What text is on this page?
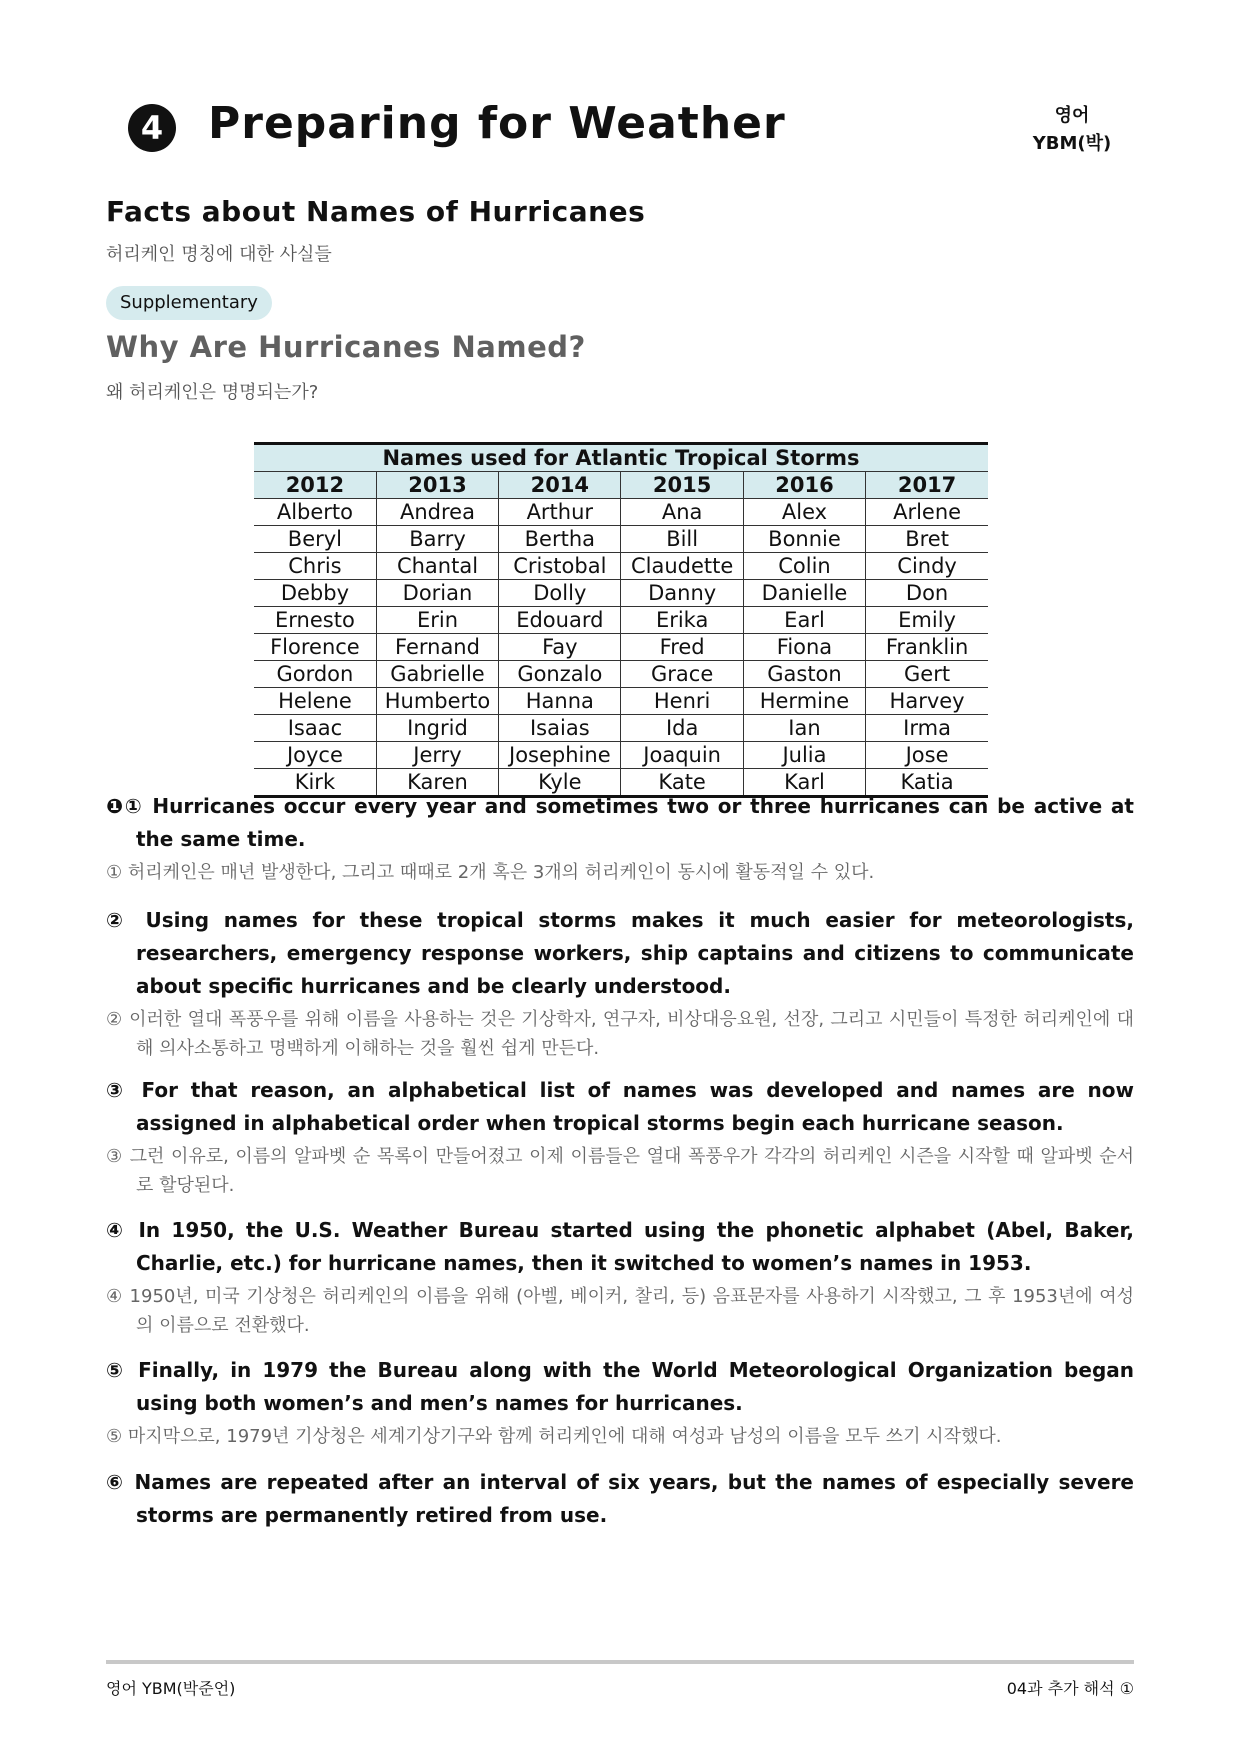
4 Preparing for Weather	영어
YBM(박)
Facts about Names of Hurricanes
허리케인 명칭에 대한 사실들
Supplementary
Why Are Hurricanes Named?
왜 허리케인은 명명되는가?
Names used for Atlantic Tropical Storms					
2012	2013	2014	2015	2016	2017
Alberto	Andrea	Arthur	Ana	Alex	Arlene
Beryl	Barry	Bertha	Bill	Bonnie	Bret
Chris	Chantal	Cristobal	Claudette	Colin	Cindy
Debby	Dorian	Dolly	Danny	Danielle	Don
Ernesto	Erin	Edouard	Erika	Earl	Emily
Florence	Fernand	Fay	Fred	Fiona	Franklin
Gordon	Gabrielle	Gonzalo	Grace	Gaston	Gert
Helene	Humberto	Hanna	Henri	Hermine	Harvey
Isaac	Ingrid	Isaias	Ida	Ian	Irma
Joyce	Jerry	Josephine	Joaquin	Julia	Jose
Kirk	Karen	Kyle	Kate	Karl	Katia
❶① Hurricanes occur every year and sometimes two or three hurricanes can be active at the same time.
① 허리케인은 매년 발생한다, 그리고 때때로 2개 혹은 3개의 허리케인이 동시에 활동적일 수 있다.
② Using names for these tropical storms makes it much easier for meteorologists, researchers, emergency response workers, ship captains and citizens to communicate about specific hurricanes and be clearly understood.
② 이러한 열대 폭풍우를 위해 이름을 사용하는 것은 기상학자, 연구자, 비상대응요원, 선장, 그리고 시민들이 특정한 허리케인에 대해 의사소통하고 명백하게 이해하는 것을 훨씬 쉽게 만든다.
③ For that reason, an alphabetical list of names was developed and names are now assigned in alphabetical order when tropical storms begin each hurricane season.
③ 그런 이유로, 이름의 알파벳 순 목록이 만들어졌고 이제 이름들은 열대 폭풍우가 각각의 허리케인 시즌을 시작할 때 알파벳 순서로 할당된다.
④ In 1950, the U.S. Weather Bureau started using the phonetic alphabet (Abel, Baker, Charlie, etc.) for hurricane names, then it switched to women’s names in 1953.
④ 1950년, 미국 기상청은 허리케인의 이름을 위해 (아벨, 베이커, 찰리, 등) 음표문자를 사용하기 시작했고, 그 후 1953년에 여성의 이름으로 전환했다.
⑤ Finally, in 1979 the Bureau along with the World Meteorological Organization began using both women’s and men’s names for hurricanes.
⑤ 마지막으로, 1979년 기상청은 세계기상기구와 함께 허리케인에 대해 여성과 남성의 이름을 모두 쓰기 시작했다.
⑥ Names are repeated after an interval of six years, but the names of especially severe storms are permanently retired from use.
영어 YBM(박준언)	04과 추가 해석 ①
